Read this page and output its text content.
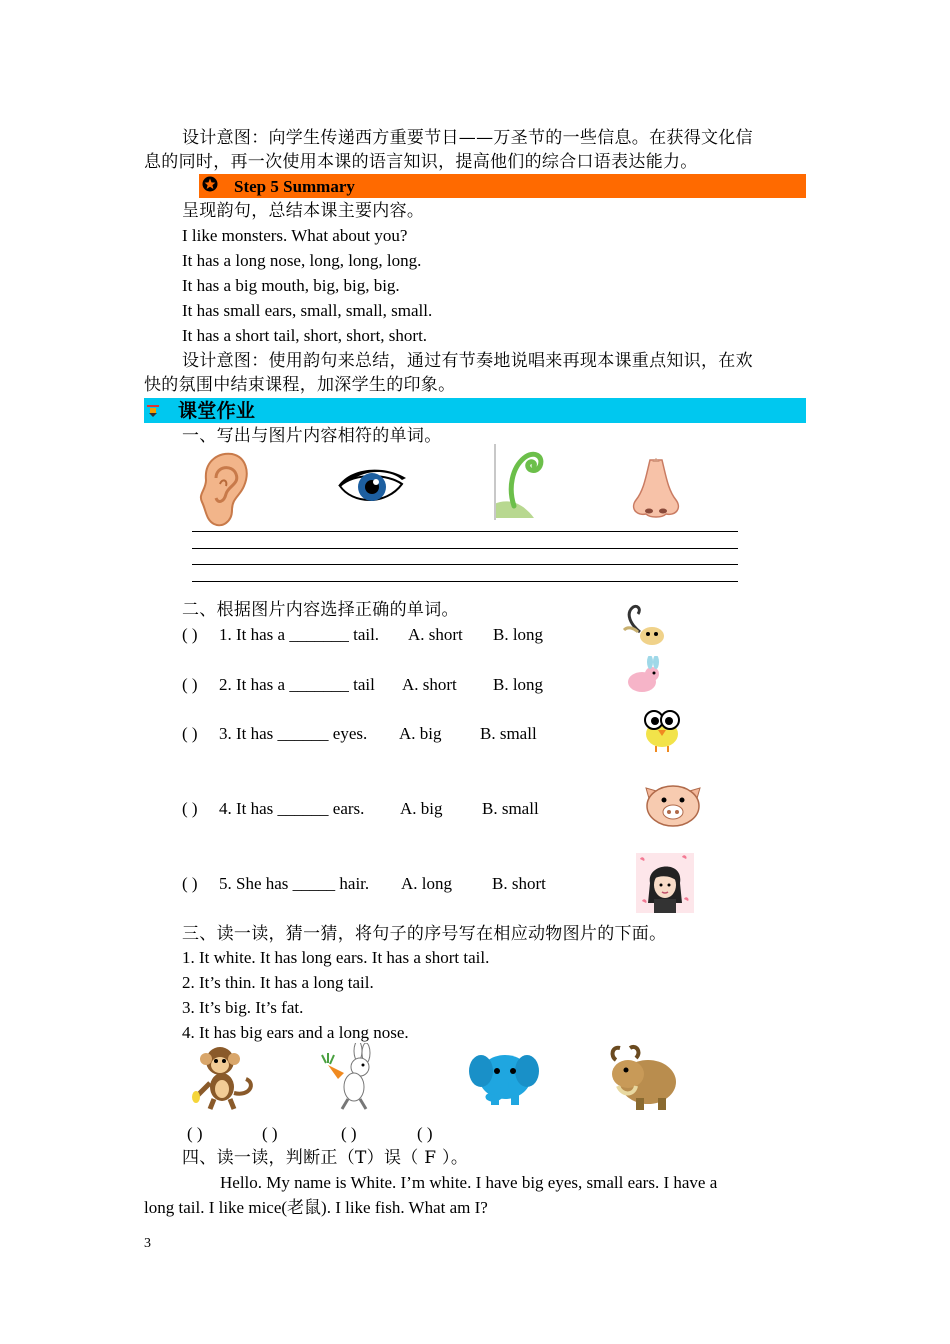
设计意图：向学生传递西方重要节日——万圣节的一些信息。在获得文化信
息的同时，再一次使用本课的语言知识，提高他们的综合口语表达能力。
Step 5 Summary
呈现韵句，总结本课主要内容。
I like monsters. What about you?
It has a long nose, long, long, long.
It has a big mouth, big, big, big.
It has small ears, small, small, small.
It has a short tail, short, short, short.
设计意图：使用韵句来总结，通过有节奏地说唱来再现本课重点知识，在欢
快的氛围中结束课程，加深学生的印象。
课堂作业
一、写出与图片内容相符的单词。
二、根据图片内容选择正确的单词。
( ) 1. It has a _______ tail. A. short B. long
( ) 2. It has a _______ tail A. short B. long
( ) 3. It has ______ eyes. A. big B. small
( ) 4. It has ______ ears. A. big B. small
( ) 5. She has _____ hair. A. long B. short
三、读一读，猜一猜，将句子的序号写在相应动物图片的下面。
1. It white. It has long ears. It has a short tail.
2. It’s thin. It has a long tail.
3. It’s big. It’s fat.
4. It has big ears and a long nose.
( )	( )	( )	( )
四、读一读，判断正（T）误（ F ）。
Hello. My name is White. I’m white. I have big eyes, small ears. I have a
long tail. I like mice(老鼠). I like fish. What am I?
3
